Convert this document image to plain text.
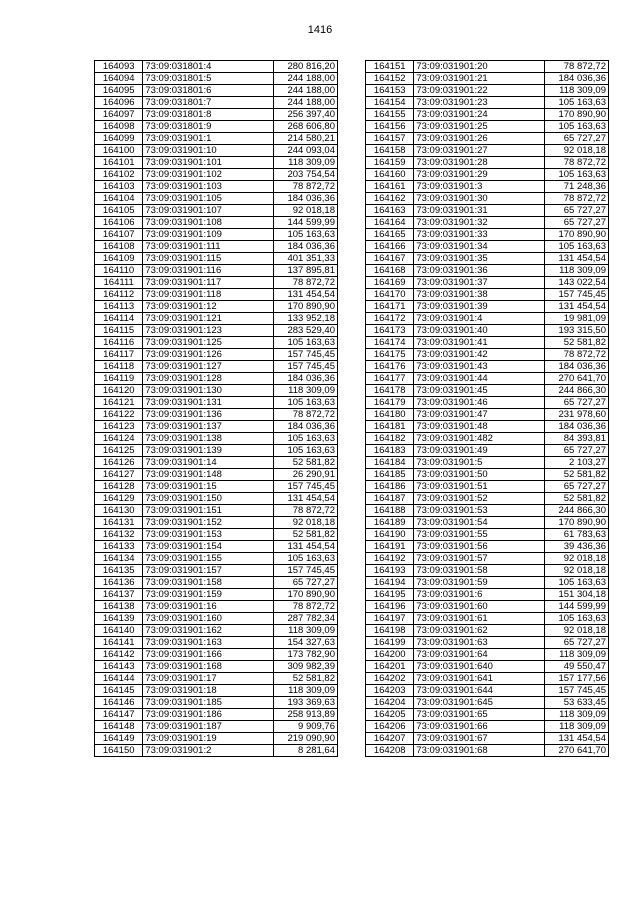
1416
164093	73:09:031801:4	280 816,20
164094	73:09:031801:5	244 188,00
164095	73:09:031801:6	244 188,00
164096	73:09:031801:7	244 188,00
164097	73:09:031801:8	256 397,40
164098	73:09:031801:9	268 606,80
164099	73:09:031901:1	214 580,21
164100	73:09:031901:10	244 093,04
164101	73:09:031901:101	118 309,09
164102	73:09:031901:102	203 754,54
164103	73:09:031901:103	78 872,72
164104	73:09:031901:105	184 036,36
164105	73:09:031901:107	92 018,18
164106	73:09:031901:108	144 599,99
164107	73:09:031901:109	105 163,63
164108	73:09:031901:111	184 036,36
164109	73:09:031901:115	401 351,33
164110	73:09:031901:116	137 895,81
164111	73:09:031901:117	78 872,72
164112	73:09:031901:118	131 454,54
164113	73:09:031901:12	170 890,90
164114	73:09:031901:121	133 952,18
164115	73:09:031901:123	283 529,40
164116	73:09:031901:125	105 163,63
164117	73:09:031901:126	157 745,45
164118	73:09:031901:127	157 745,45
164119	73:09:031901:128	184 036,36
164120	73:09:031901:130	118 309,09
164121	73:09:031901:131	105 163,63
164122	73:09:031901:136	78 872,72
164123	73:09:031901:137	184 036,36
164124	73:09:031901:138	105 163,63
164125	73:09:031901:139	105 163,63
164126	73:09:031901:14	52 581,82
164127	73:09:031901:148	26 290,91
164128	73:09:031901:15	157 745,45
164129	73:09:031901:150	131 454,54
164130	73:09:031901:151	78 872,72
164131	73:09:031901:152	92 018,18
164132	73:09:031901:153	52 581,82
164133	73:09:031901:154	131 454,54
164134	73:09:031901:155	105 163,63
164135	73:09:031901:157	157 745,45
164136	73:09:031901:158	65 727,27
164137	73:09:031901:159	170 890,90
164138	73:09:031901:16	78 872,72
164139	73:09:031901:160	287 782,34
164140	73:09:031901:162	118 309,09
164141	73:09:031901:163	154 327,63
164142	73:09:031901:166	173 782,90
164143	73:09:031901:168	309 982,39
164144	73:09:031901:17	52 581,82
164145	73:09:031901:18	118 309,09
164146	73:09:031901:185	193 369,63
164147	73:09:031901:186	258 913,89
164148	73:09:031901:187	9 909,76
164149	73:09:031901:19	219 090,90
164150	73:09:031901:2	8 281,64
164151	73:09:031901:20	78 872,72
164152	73:09:031901:21	184 036,36
164153	73:09:031901:22	118 309,09
164154	73:09:031901:23	105 163,63
164155	73:09:031901:24	170 890,90
164156	73:09:031901:25	105 163,63
164157	73:09:031901:26	65 727,27
164158	73:09:031901:27	92 018,18
164159	73:09:031901:28	78 872,72
164160	73:09:031901:29	105 163,63
164161	73:09:031901:3	71 248,36
164162	73:09:031901:30	78 872,72
164163	73:09:031901:31	65 727,27
164164	73:09:031901:32	65 727,27
164165	73:09:031901:33	170 890,90
164166	73:09:031901:34	105 163,63
164167	73:09:031901:35	131 454,54
164168	73:09:031901:36	118 309,09
164169	73:09:031901:37	143 022,54
164170	73:09:031901:38	157 745,45
164171	73:09:031901:39	131 454,54
164172	73:09:031901:4	19 981,09
164173	73:09:031901:40	193 315,50
164174	73:09:031901:41	52 581,82
164175	73:09:031901:42	78 872,72
164176	73:09:031901:43	184 036,36
164177	73:09:031901:44	270 641,70
164178	73:09:031901:45	244 866,30
164179	73:09:031901:46	65 727,27
164180	73:09:031901:47	231 978,60
164181	73:09:031901:48	184 036,36
164182	73:09:031901:482	84 393,81
164183	73:09:031901:49	65 727,27
164184	73:09:031901:5	2 103,27
164185	73:09:031901:50	52 581,82
164186	73:09:031901:51	65 727,27
164187	73:09:031901:52	52 581,82
164188	73:09:031901:53	244 866,30
164189	73:09:031901:54	170 890,90
164190	73:09:031901:55	61 783,63
164191	73:09:031901:56	39 436,36
164192	73:09:031901:57	92 018,18
164193	73:09:031901:58	92 018,18
164194	73:09:031901:59	105 163,63
164195	73:09:031901:6	151 304,18
164196	73:09:031901:60	144 599,99
164197	73:09:031901:61	105 163,63
164198	73:09:031901:62	92 018,18
164199	73:09:031901:63	65 727,27
164200	73:09:031901:64	118 309,09
164201	73:09:031901:640	49 550,47
164202	73:09:031901:641	157 177,56
164203	73:09:031901:644	157 745,45
164204	73:09:031901:645	53 633,45
164205	73:09:031901:65	118 309,09
164206	73:09:031901:66	118 309,09
164207	73:09:031901:67	131 454,54
164208	73:09:031901:68	270 641,70
